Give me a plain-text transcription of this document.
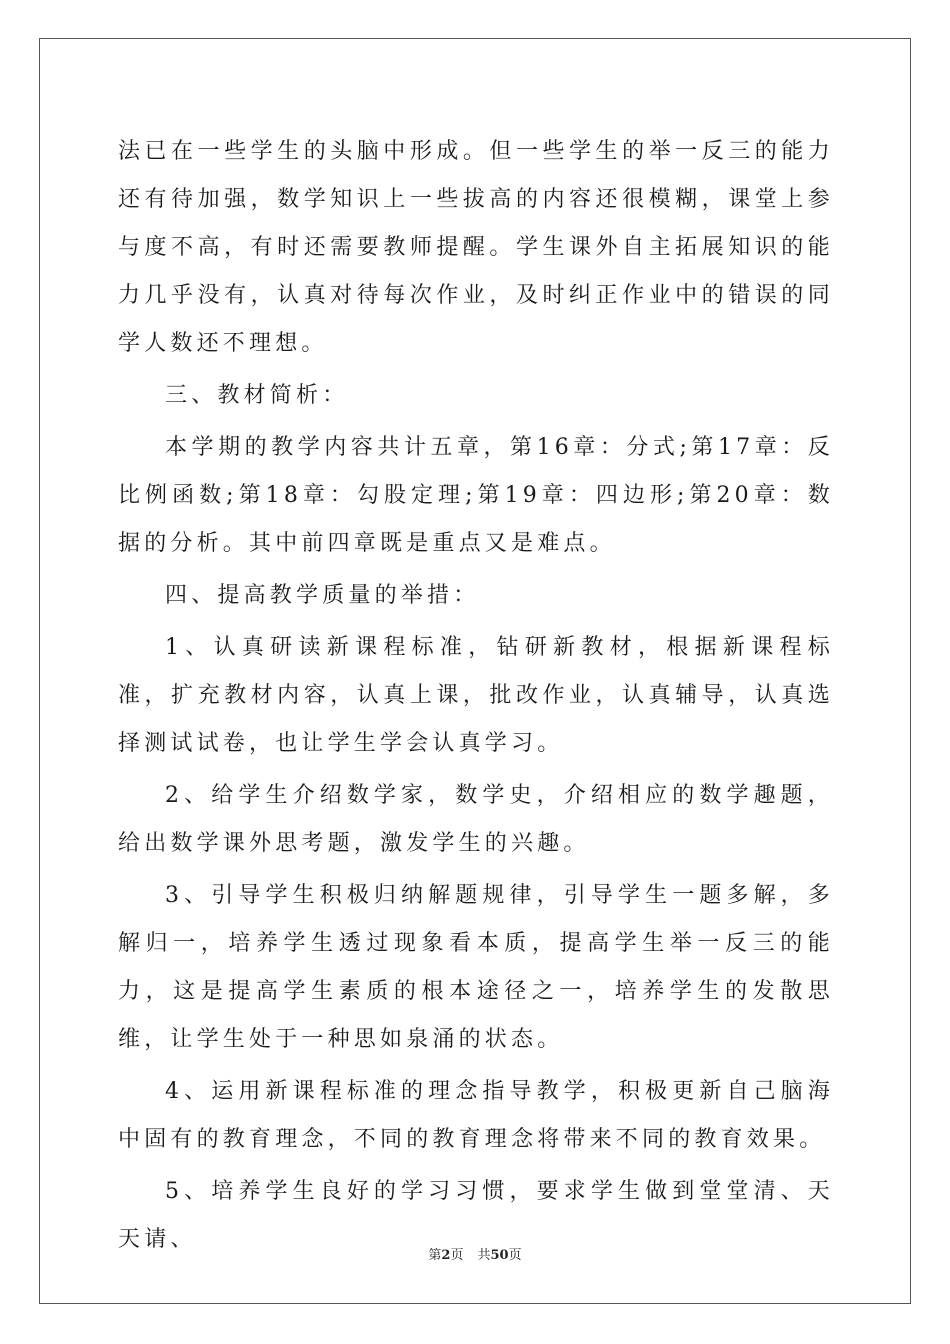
法已在一些学生的头脑中形成。但一些学生的举一反三的能力还有待加强，数学知识上一些拔高的内容还很模糊，课堂上参与度不高，有时还需要教师提醒。学生课外自主拓展知识的能力几乎没有，认真对待每次作业，及时纠正作业中的错误的同学人数还不理想。

三、教材简析：

本学期的教学内容共计五章，第16章：分式;第17章：反比例函数;第18章：勾股定理;第19章：四边形;第20章：数据的分析。其中前四章既是重点又是难点。

四、提高教学质量的举措：

1、认真研读新课程标准，钻研新教材，根据新课程标准，扩充教材内容，认真上课，批改作业，认真辅导，认真选择测试试卷，也让学生学会认真学习。

2、给学生介绍数学家，数学史，介绍相应的数学趣题，给出数学课外思考题，激发学生的兴趣。

3、引导学生积极归纳解题规律，引导学生一题多解，多解归一，培养学生透过现象看本质，提高学生举一反三的能力，这是提高学生素质的根本途径之一，培养学生的发散思维，让学生处于一种思如泉涌的状态。

4、运用新课程标准的理念指导教学，积极更新自己脑海中固有的教育理念，不同的教育理念将带来不同的教育效果。

5、培养学生良好的学习习惯，要求学生做到堂堂清、天天请、

第2页 共50页
